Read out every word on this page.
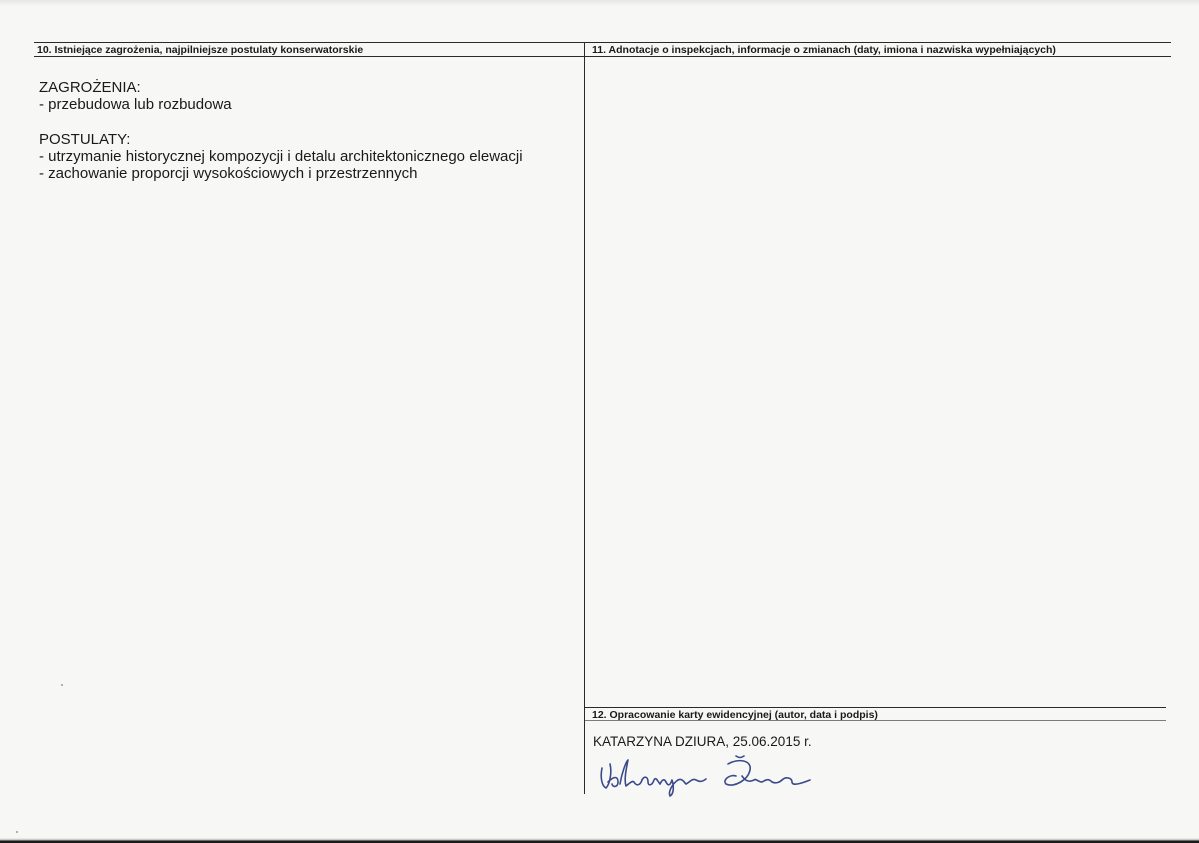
10. Istniejące zagrożenia, najpilniejsze postulaty konserwatorskie
ZAGROŻENIA:
- przebudowa lub rozbudowa
POSTULATY:
- utrzymanie historycznej kompozycji i detalu architektonicznego elewacji
- zachowanie proporcji wysokościowych i przestrzennych
11. Adnotacje o inspekcjach, informacje o zmianach (daty, imiona i nazwiska wypełniających)
12. Opracowanie karty ewidencyjnej (autor, data i podpis)
KATARZYNA DZIURA, 25.06.2015 r.
